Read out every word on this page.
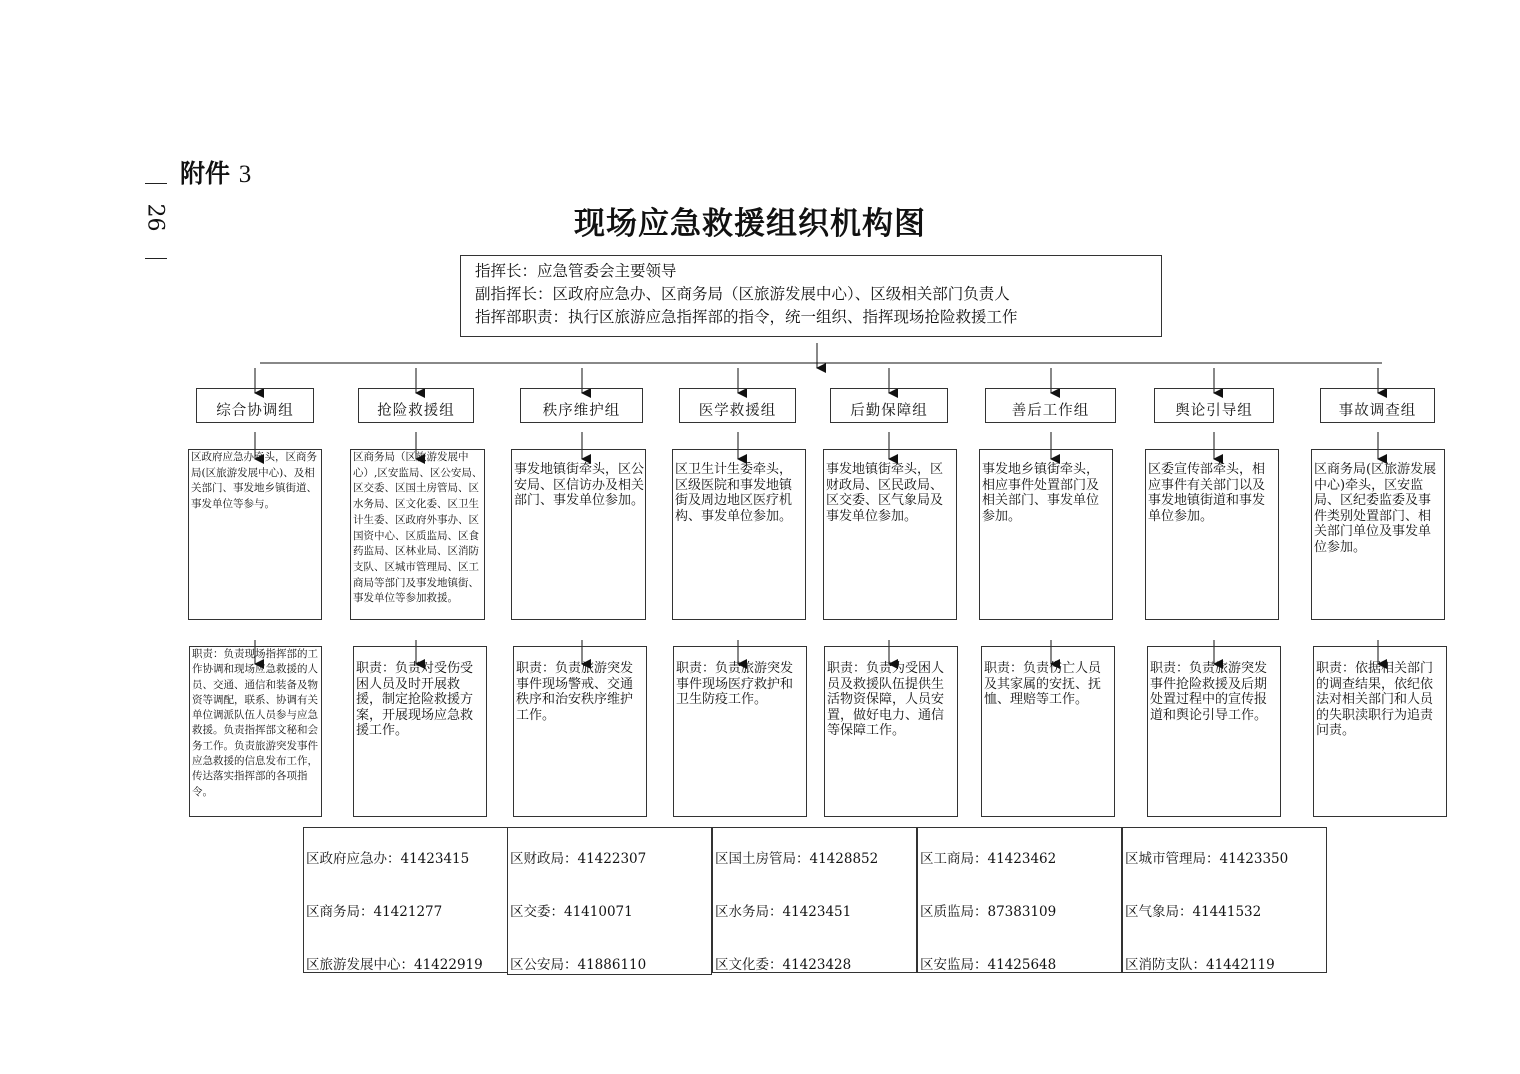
附件 3
26	现场应急救援组织机构图
指挥长：应急管委会主要领导
副指挥长：区政府应急办、区商务局（区旅游发展中心）、区级相关部门负责人
指挥部职责：执行区旅游应急指挥部的指令，统一组织、指挥现场抢险救援工作
综合协调组
区政府应急办牵头，区商务局(区旅游发展中心)、及相关部门、事发地乡镇街道、事发单位等参与。
职责：负责现场指挥部的工作协调和现场应急救援的人员、交通、通信和装备及物资等调配，联系、协调有关单位调派队伍人员参与应急救援。负责指挥部文秘和会务工作。负责旅游突发事件应急救援的信息发布工作，传达落实指挥部的各项指令。
抢险救援组
区商务局（区旅游发展中心）,区安监局、区公安局、区交委、区国土房管局、区水务局、区文化委、区卫生计生委、区政府外事办、区国资中心、区质监局、区食药监局、区林业局、区消防支队、区城市管理局、区工商局等部门及事发地镇街、事发单位等参加救援。
职责：负责对受伤受困人员及时开展救援，制定抢险救援方案，开展现场应急救援工作。
秩序维护组
事发地镇街牵头，区公安局、区信访办及相关部门、事发单位参加。
职责：负责旅游突发事件现场警戒、交通秩序和治安秩序维护工作。
医学救援组
区卫生计生委牵头，区级医院和事发地镇街及周边地区医疗机构、事发单位参加。
职责：负责旅游突发事件现场医疗救护和卫生防疫工作。
后勤保障组
事发地镇街牵头，区财政局、区民政局、区交委、区气象局及事发单位参加。
职责：负责为受困人员及救援队伍提供生活物资保障，人员安置，做好电力、通信等保障工作。
善后工作组
事发地乡镇街牵头，相应事件处置部门及相关部门、事发单位参加。
职责：负责伤亡人员及其家属的安抚、抚恤、理赔等工作。
舆论引导组
区委宣传部牵头，相应事件有关部门以及事发地镇街道和事发单位参加。
职责：负责旅游突发事件抢险救援及后期处置过程中的宣传报道和舆论引导工作。
事故调查组
区商务局(区旅游发展中心)牵头，区安监局、区纪委监委及事件类别处置部门、相关部门单位及事发单位参加。
职责：依据相关部门的调查结果，依纪依法对相关部门和人员的失职渎职行为追责问责。
区政府应急办：41423415
区商务局：41421277
区旅游发展中心：41422919
区财政局：41422307
区交委：41410071
区公安局：41886110
区国土房管局：41428852
区水务局：41423451
区文化委：41423428
区工商局：41423462
区质监局：87383109
区安监局：41425648
区城市管理局：41423350
区气象局：41441532
区消防支队：41442119
